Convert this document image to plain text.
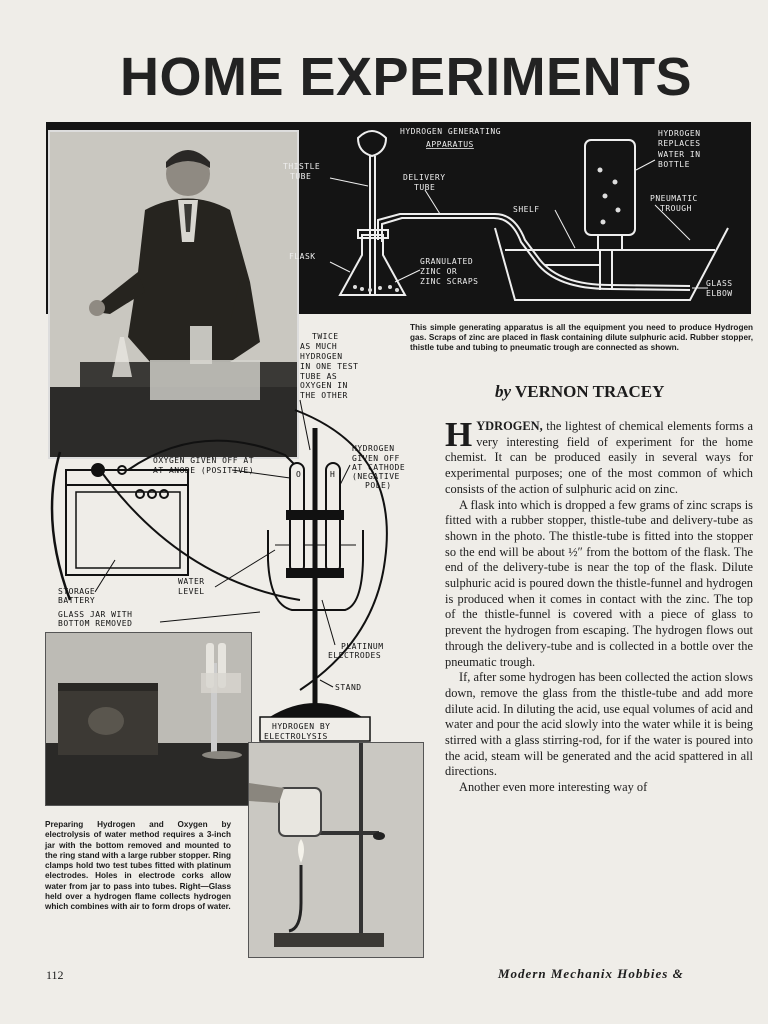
HOME EXPERIMENTS
HYDROGEN GENERATING
APPARATUS
THISTLE
TUBE	DELIVERY
TUBE
FLASK
GRANULATED
ZINC OR
ZINC SCRAPS
SHELF
HYDROGEN
REPLACES
WATER IN
BOTTLE
PNEUMATIC
TROUGH
GLASS
ELBOW
TWICE
AS MUCH
HYDROGEN
IN ONE TEST
TUBE AS
OXYGEN IN
THE OTHER
OXYGEN GIVEN OFF AT
AT ANODE (POSITIVE)
HYDROGEN
GIVEN OFF
AT CATHODE
(NEGATIVE
POLE)
O	H
STORAGE
BATTERY
WATER
LEVEL
GLASS JAR WITH
BOTTOM REMOVED
PLATINUM
ELECTRODES
STAND
HYDROGEN BY
ELECTROLYSIS
This simple generating apparatus is all the equipment you need to produce Hydrogen gas. Scraps of zinc are placed in flask containing dilute sulphuric acid. Rubber stopper, thistle tube and tubing to pneumatic trough are connected as shown.
by VERNON TRACEY

HYDROGEN, the lightest of chemical elements forms a very interesting field of experiment for the home chemist. It can be produced easily in several ways for experimental purposes; one of the most common of which consists of the action of sulphuric acid on zinc.

A flask into which is dropped a few grams of zinc scraps is fitted with a rubber stopper, thistle-tube and delivery-tube as shown in the photo. The thistle-tube is fitted into the stopper so the end will be about ½″ from the bottom of the flask. The end of the delivery-tube is near the top of the flask. Dilute sulphuric acid is poured down the thistle-funnel and hydrogen is produced when it comes in contact with the zinc. The top of the thistle-funnel is covered with a piece of glass to prevent the hydrogen from escaping. The hydrogen flows out through the delivery-tube and is collected in a bottle over the pneumatic trough.

If, after some hydrogen has been collected the action slows down, remove the glass from the thistle-tube and add more dilute acid. In diluting the acid, use equal volumes of acid and water and pour the acid slowly into the water while it is being stirred with a glass stirring-rod, for if the water is poured into the acid, steam will be generated and the acid spattered in all directions.

Another even more interesting way of

Preparing Hydrogen and Oxygen by electrolysis of water method requires a 3-inch jar with the bottom removed and mounted to the ring stand with a large rubber stopper. Ring clamps hold two test tubes fitted with platinum electrodes. Holes in electrode corks allow water from jar to pass into tubes. Right—Glass held over a hydrogen flame collects hydrogen which combines with air to form drops of water.
112	Modern Mechanix Hobbies &
